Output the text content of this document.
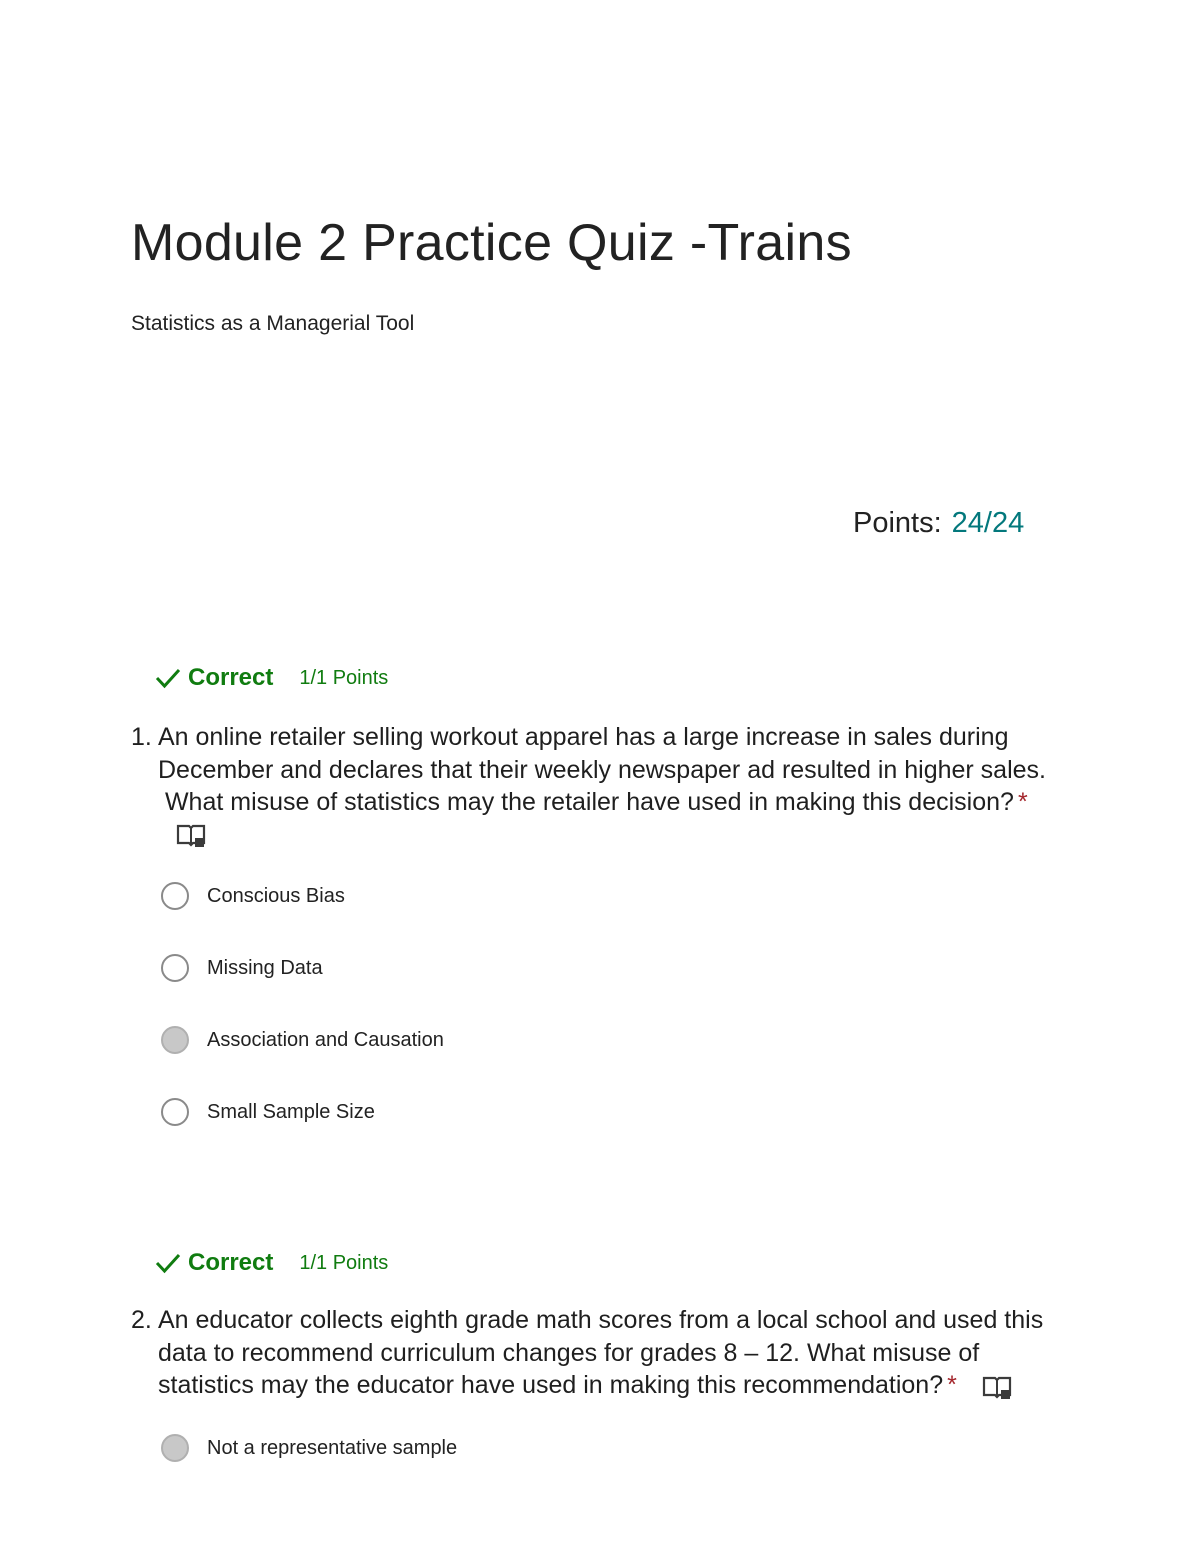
Module 2 Practice Quiz -Trains
Statistics as a Managerial Tool
Points: 24/24
Correct 1/1 Points
1. An online retailer selling workout apparel has a large increase in sales during
December and declares that their weekly newspaper ad resulted in higher sales.
What misuse of statistics may the retailer have used in making this decision? *
Conscious Bias
Missing Data
Association and Causation
Small Sample Size
Correct 1/1 Points
2. An educator collects eighth grade math scores from a local school and used this
data to recommend curriculum changes for grades 8 – 12. What misuse of
statistics may the educator have used in making this recommendation? *
Not a representative sample
